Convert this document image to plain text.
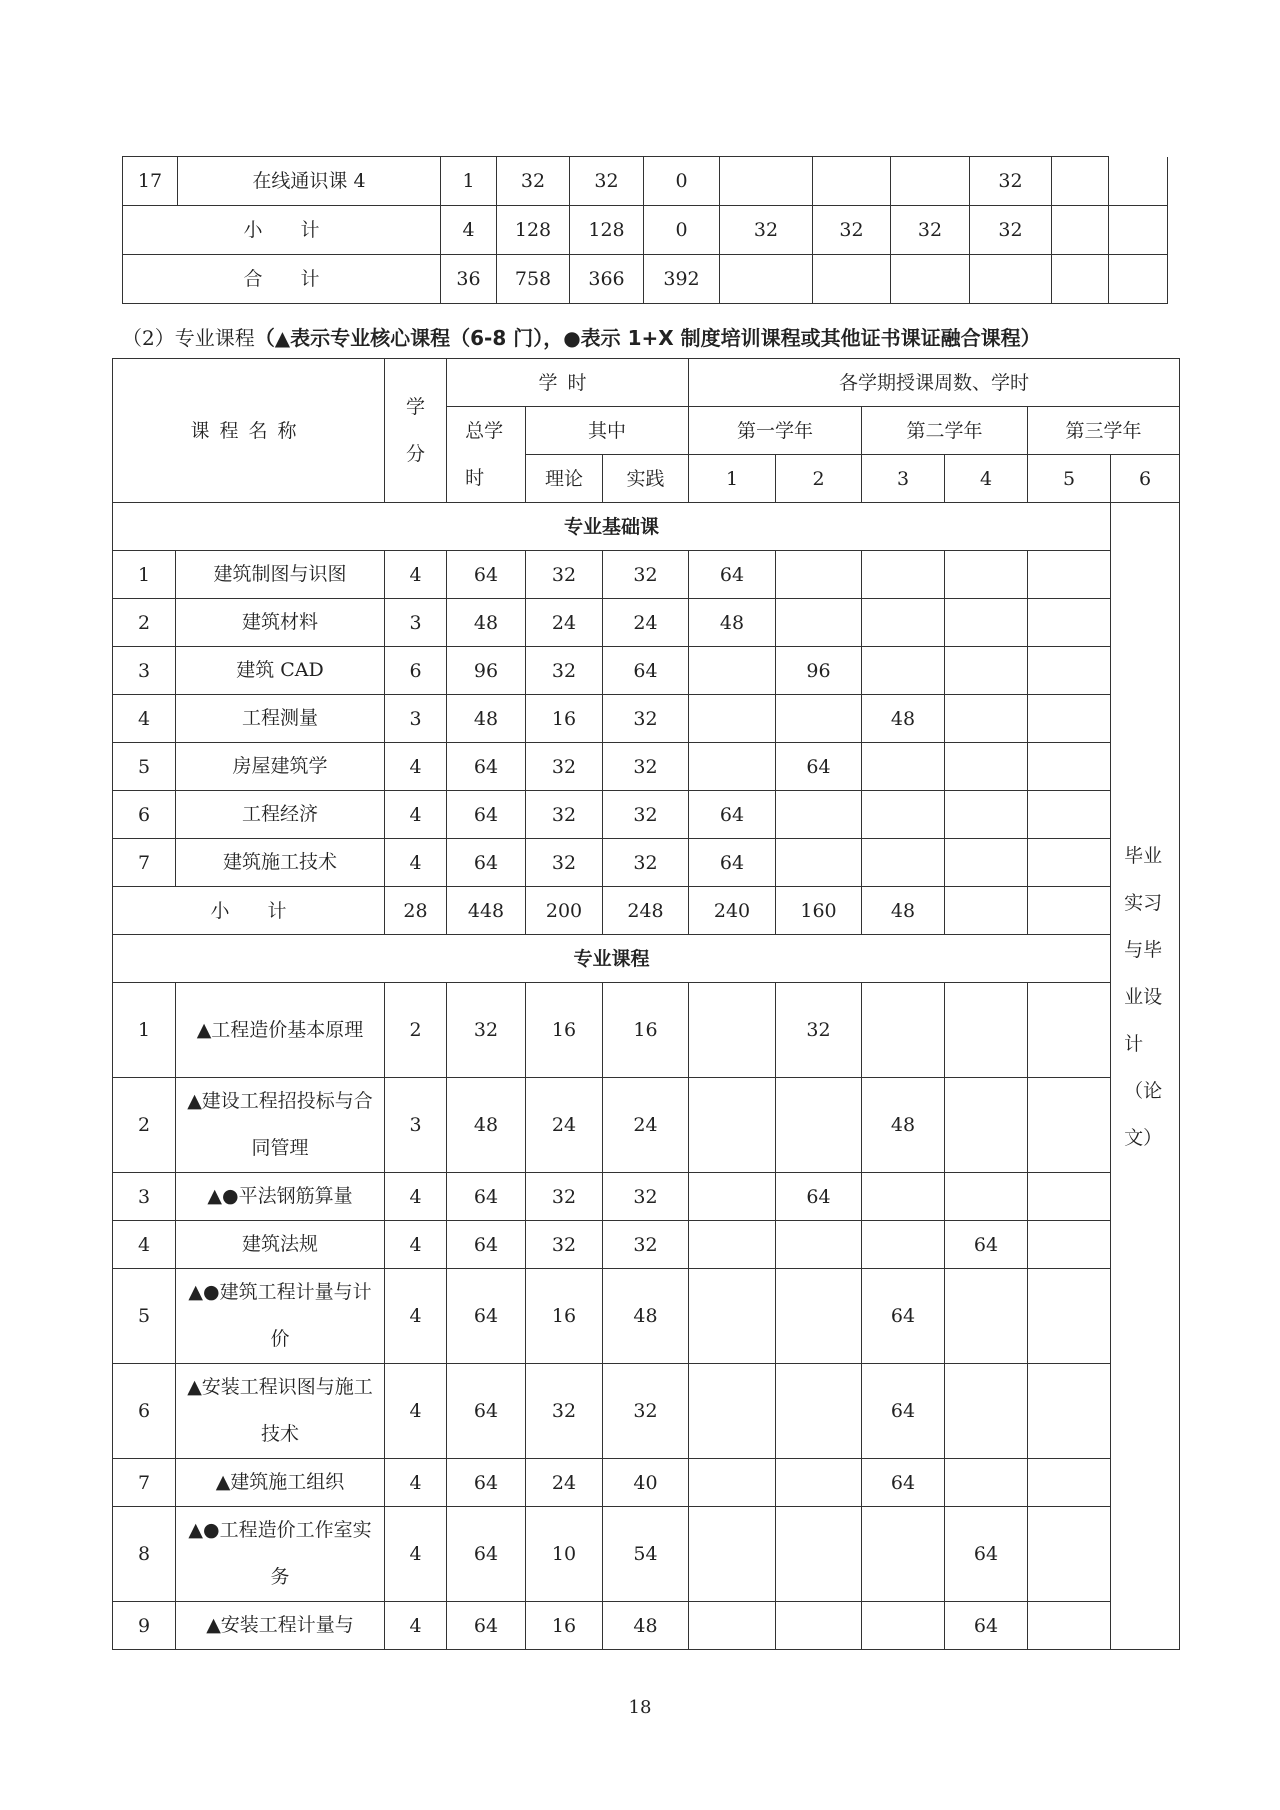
17	在线通识课 4	1	32	32	0				32		
小　　计		4	128	128	0	32	32	32	32		
合　　计		36	758	366	392						
（2）专业课程（▲表示专业核心课程（6-8 门），●表示 1+X 制度培训课程或其他证书课证融合课程）
课程名称		学分	学时			各学期授课周数、学时					

			总学时	其中		第一学年		第二学年		第三学年	
				理论	实践	1	2	3	4	5	6
专业基础课											毕业实习与毕业设计（论文）

1	建筑制图与识图	4	64	32	32	64					
2	建筑材料	3	48	24	24	48					
3	建筑 CAD	6	96	32	64		96				
4	工程测量	3	48	16	32			48			
5	房屋建筑学	4	64	32	32		64				
6	工程经济	4	64	32	32	64					
7	建筑施工技术	4	64	32	32	64					
小　　计		28	448	200	248	240	160	48			
专业课程											
1	▲工程造价基本原理	2	32	16	16		32				
2	▲建设工程招投标与合同管理	3	48	24	24			48			
3	▲●平法钢筋算量	4	64	32	32		64				
4	建筑法规	4	64	32	32				64		
5	▲●建筑工程计量与计价	4	64	16	48			64			
6	▲安装工程识图与施工技术	4	64	32	32			64			
7	▲建筑施工组织	4	64	24	40			64			
8	▲●工程造价工作室实务	4	64	10	54				64		
9	▲安装工程计量与	4	64	16	48				64		
18
